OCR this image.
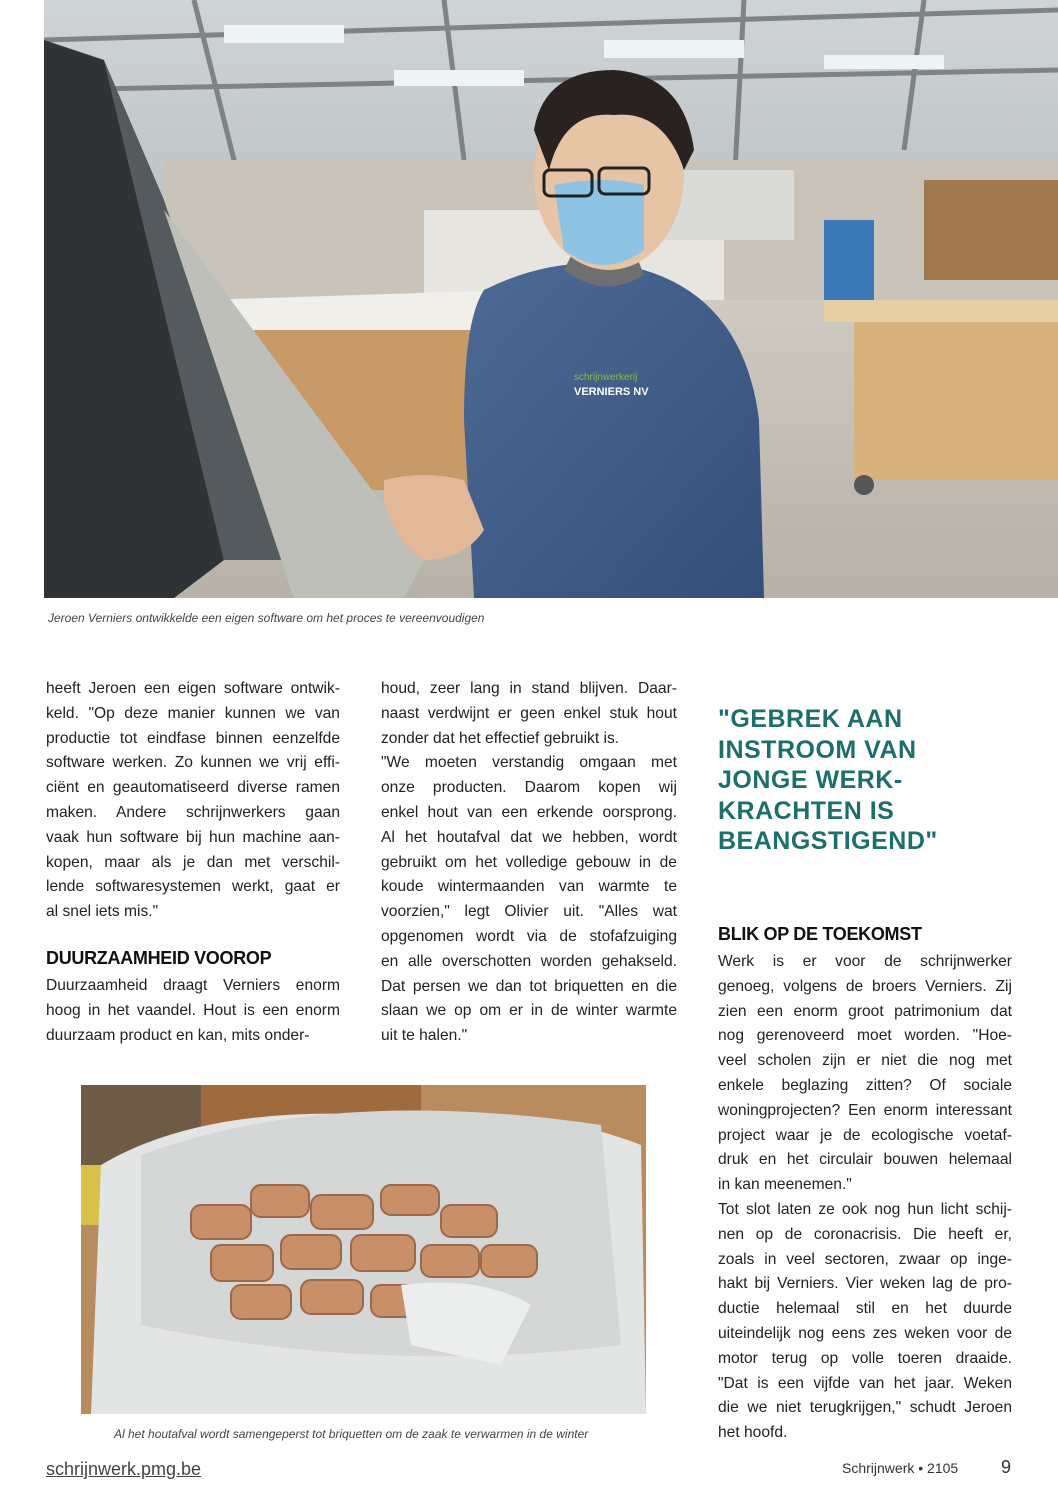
schrijnwerkerij
VERNIERS NV
Jeroen Verniers ontwikkelde een eigen software om het proces te vereenvoudigen
heeft Jeroen een eigen software ontwik-
keld. "Op deze manier kunnen we van
productie tot eindfase binnen eenzelfde
software werken. Zo kunnen we vrij effi-
ciënt en geautomatiseerd diverse ramen
maken. Andere schrijnwerkers gaan
vaak hun software bij hun machine aan-
kopen, maar als je dan met verschil-
lende softwaresystemen werkt, gaat er
al snel iets mis."
DUURZAAMHEID VOOROP
Duurzaamheid draagt Verniers enorm
hoog in het vaandel. Hout is een enorm
duurzaam product en kan, mits onder-
houd, zeer lang in stand blijven. Daar-
naast verdwijnt er geen enkel stuk hout
zonder dat het effectief gebruikt is.
"We moeten verstandig omgaan met
onze producten. Daarom kopen wij
enkel hout van een erkende oorsprong.
Al het houtafval dat we hebben, wordt
gebruikt om het volledige gebouw in de
koude wintermaanden van warmte te
voorzien," legt Olivier uit. "Alles wat
opgenomen wordt via de stofafzuiging
en alle overschotten worden gehakseld.
Dat persen we dan tot briquetten en die
slaan we op om er in de winter warmte
uit te halen."
"GEBREK AAN
INSTROOM VAN
JONGE WERK-
KRACHTEN IS
BEANGSTIGEND"
BLIK OP DE TOEKOMST
Werk is er voor de schrijnwerker
genoeg, volgens de broers Verniers. Zij
zien een enorm groot patrimonium dat
nog gerenoveerd moet worden. "Hoe-
veel scholen zijn er niet die nog met
enkele beglazing zitten? Of sociale
woningprojecten? Een enorm interessant
project waar je de ecologische voetaf-
druk en het circulair bouwen helemaal
in kan meenemen."
Tot slot laten ze ook nog hun licht schij-
nen op de coronacrisis. Die heeft er,
zoals in veel sectoren, zwaar op inge-
hakt bij Verniers. Vier weken lag de pro-
ductie helemaal stil en het duurde
uiteindelijk nog eens zes weken voor de
motor terug op volle toeren draaide.
"Dat is een vijfde van het jaar. Weken
die we niet terugkrijgen," schudt Jeroen
het hoofd.
Al het houtafval wordt samengeperst tot briquetten om de zaak te verwarmen in de winter
schrijnwerk.pmg.be	Schrijnwerk • 2105 9
